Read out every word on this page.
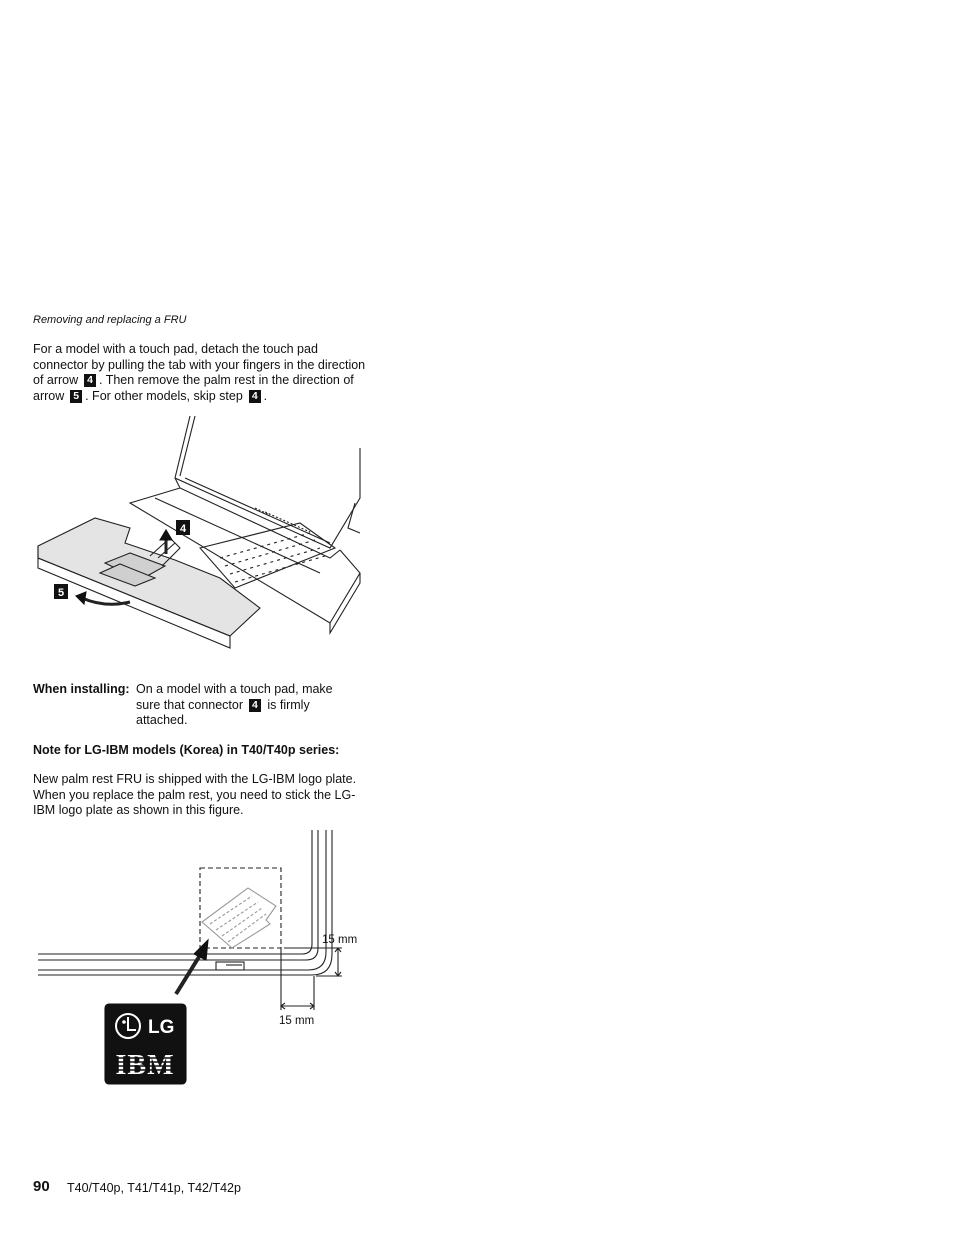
Removing and replacing a FRU
For a model with a touch pad, detach the touch pad connector by pulling the tab with your fingers in the direction of arrow 4 . Then remove the palm rest in the direction of arrow 5 . For other models, skip step 4 .
4
5
When installing: On a model with a touch pad, make sure that connector 4 is firmly attached.
Note for LG-IBM models (Korea) in T40/T40p series:
New palm rest FRU is shipped with the LG-IBM logo plate. When you replace the palm rest, you need to stick the LG-IBM logo plate as shown in this figure.
15 mm
15 mm
LG
IBM
90 T40/T40p, T41/T41p, T42/T42p
